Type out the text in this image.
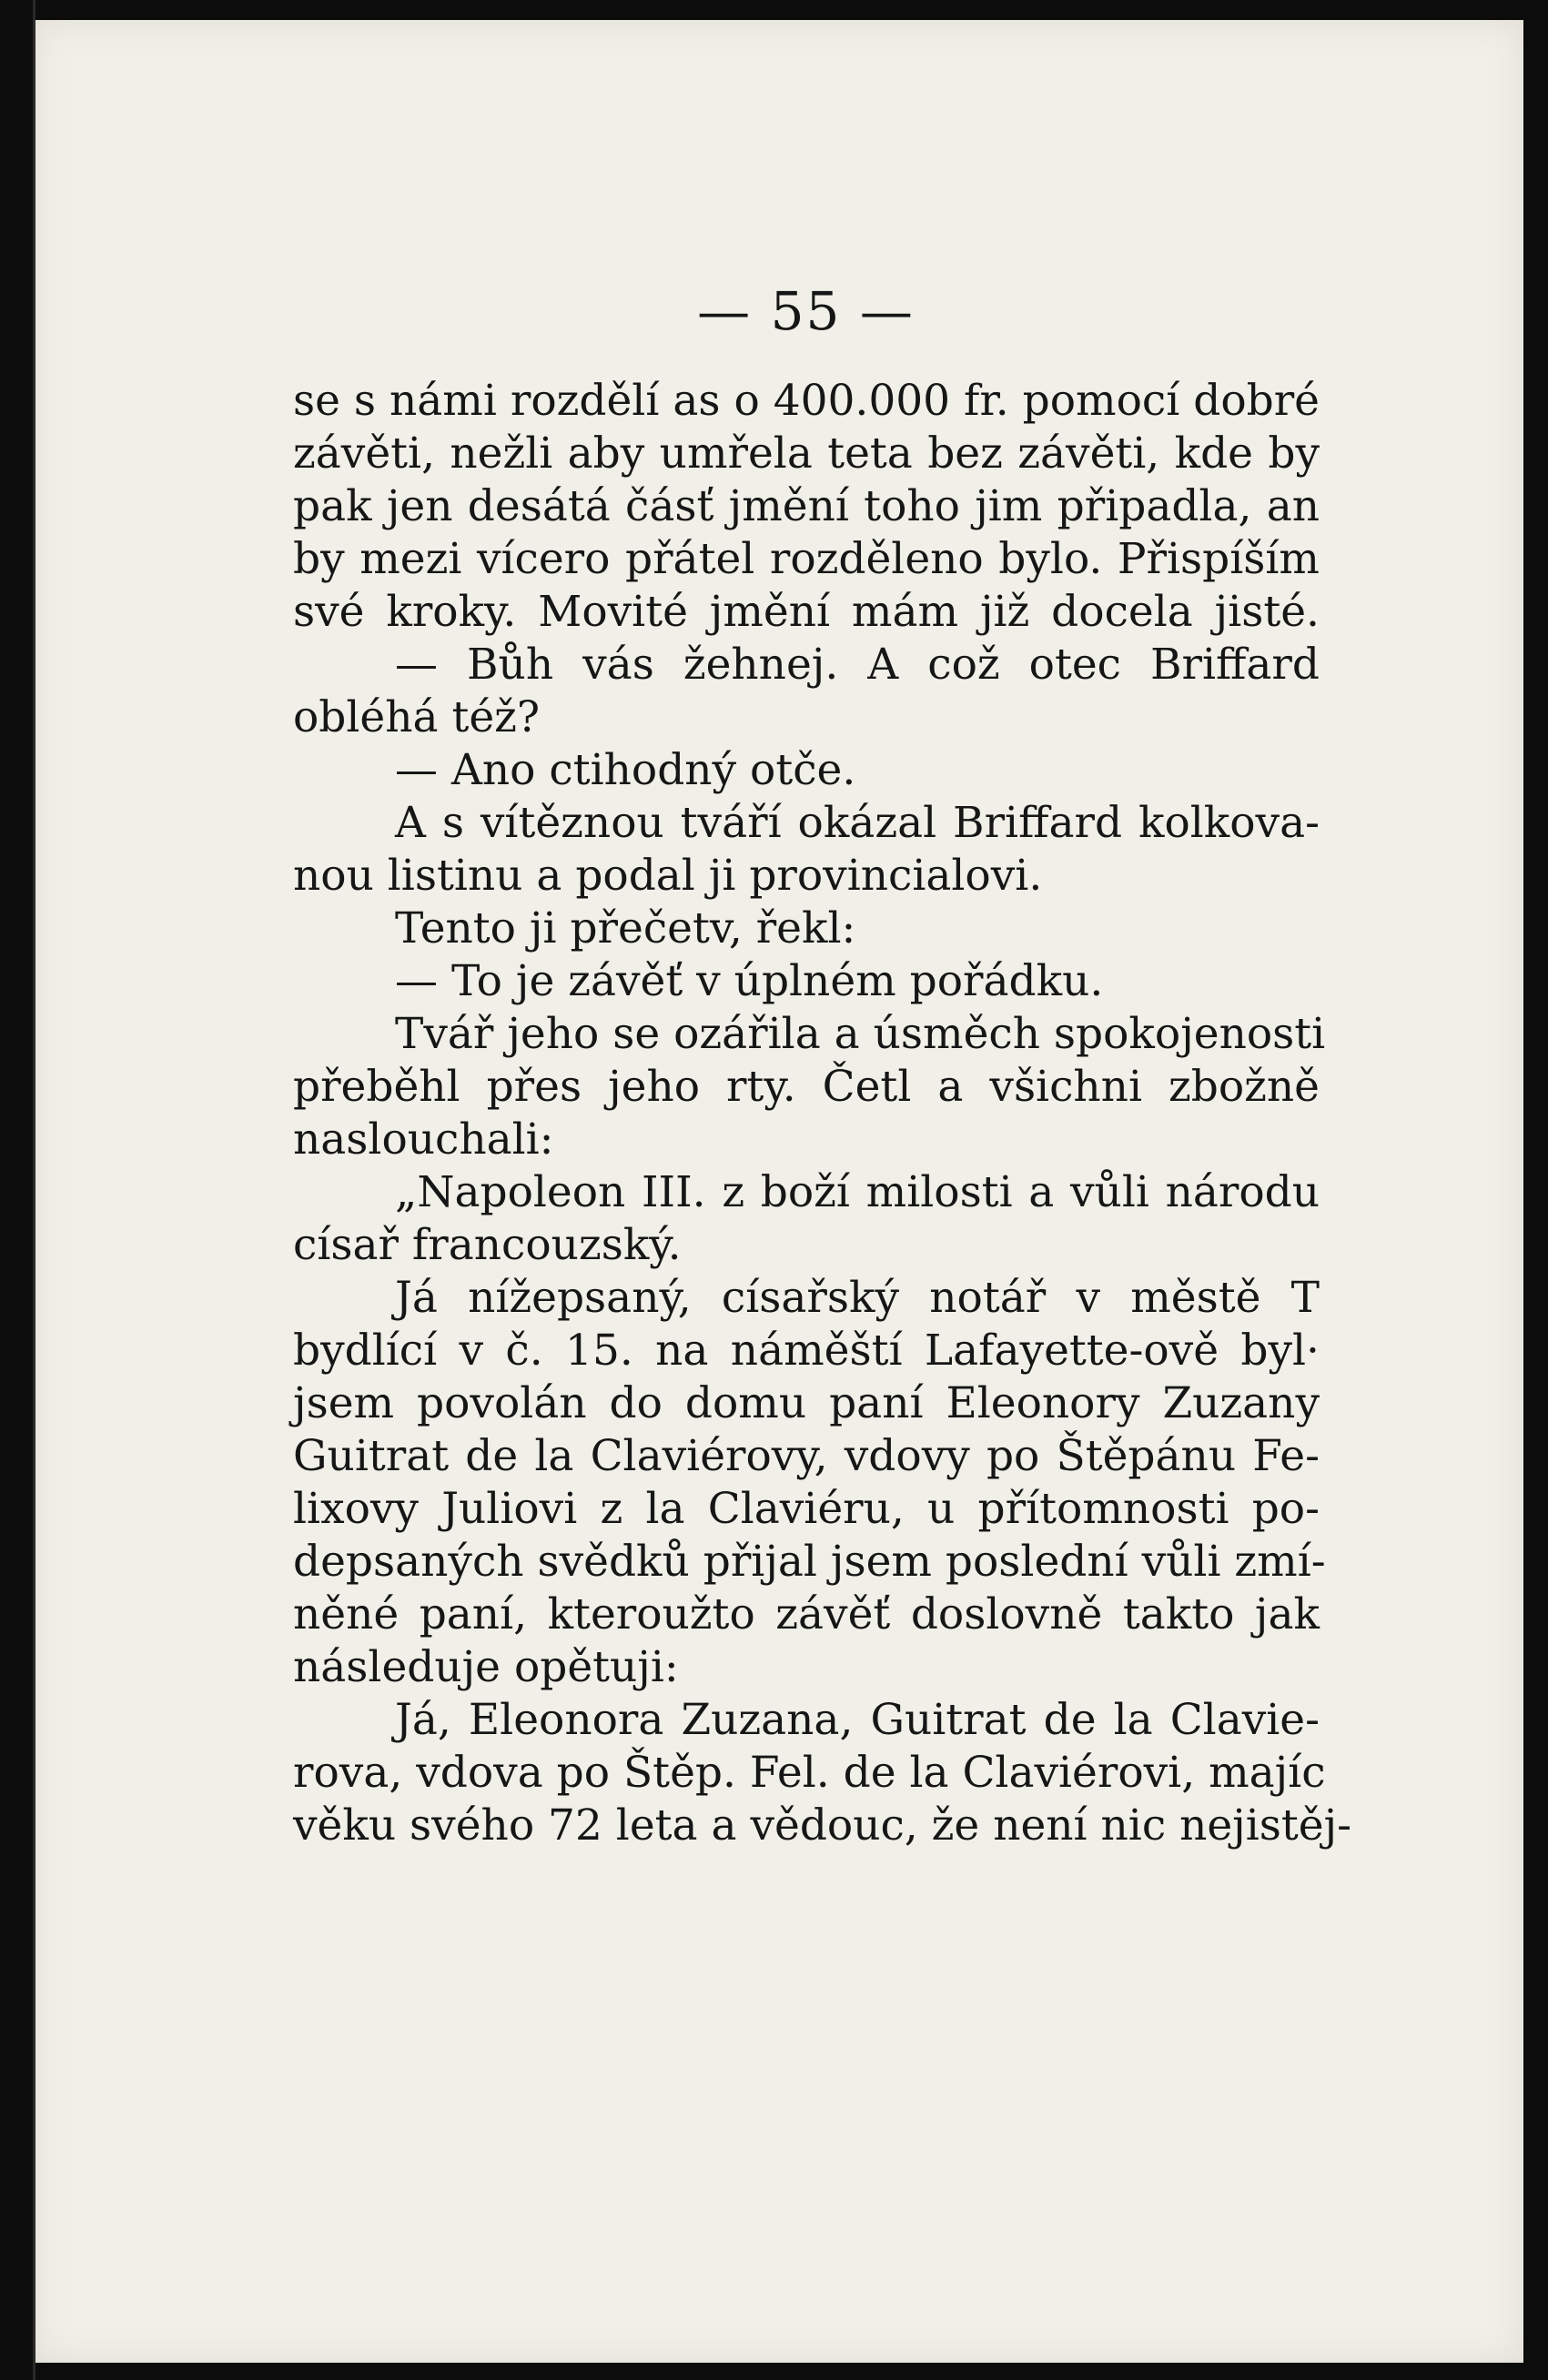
— 55 —
se s námi rozdělí as o 400.000 fr. pomocí dobré
závěti, nežli aby umřela teta bez závěti, kde by
pak jen desátá čásť jmění toho jim připadla, an
by mezi vícero přátel rozděleno bylo. Přispíším
své kroky. Movité jmění mám již docela jisté.
— Bůh vás žehnej. A což otec Briffard
obléhá též?
— Ano ctihodný otče.
A s vítěznou tváří okázal Briffard kolkova-
nou listinu a podal ji provincialovi.
Tento ji přečetv, řekl:
— To je závěť v úplném pořádku.
Tvář jeho se ozářila a úsměch spokojenosti
přeběhl přes jeho rty. Četl a všichni zbožně
naslouchali:
„Napoleon III. z boží milosti a vůli národu
císař francouzský.
Já nížepsaný, císařský notář v městě T
bydlící v č. 15. na náměští Lafayette-ově byl·
jsem povolán do domu paní Eleonory Zuzany
Guitrat de la Claviérovy, vdovy po Štěpánu Fe-
lixovy Juliovi z la Claviéru, u přítomnosti po-
depsaných svědků přijal jsem poslední vůli zmí-
něné paní, kteroužto závěť doslovně takto jak
následuje opětuji:
Já, Eleonora Zuzana, Guitrat de la Clavie-
rova, vdova po Štěp. Fel. de la Claviérovi, majíc
věku svého 72 leta a vědouc, že není nic nejistěj-
